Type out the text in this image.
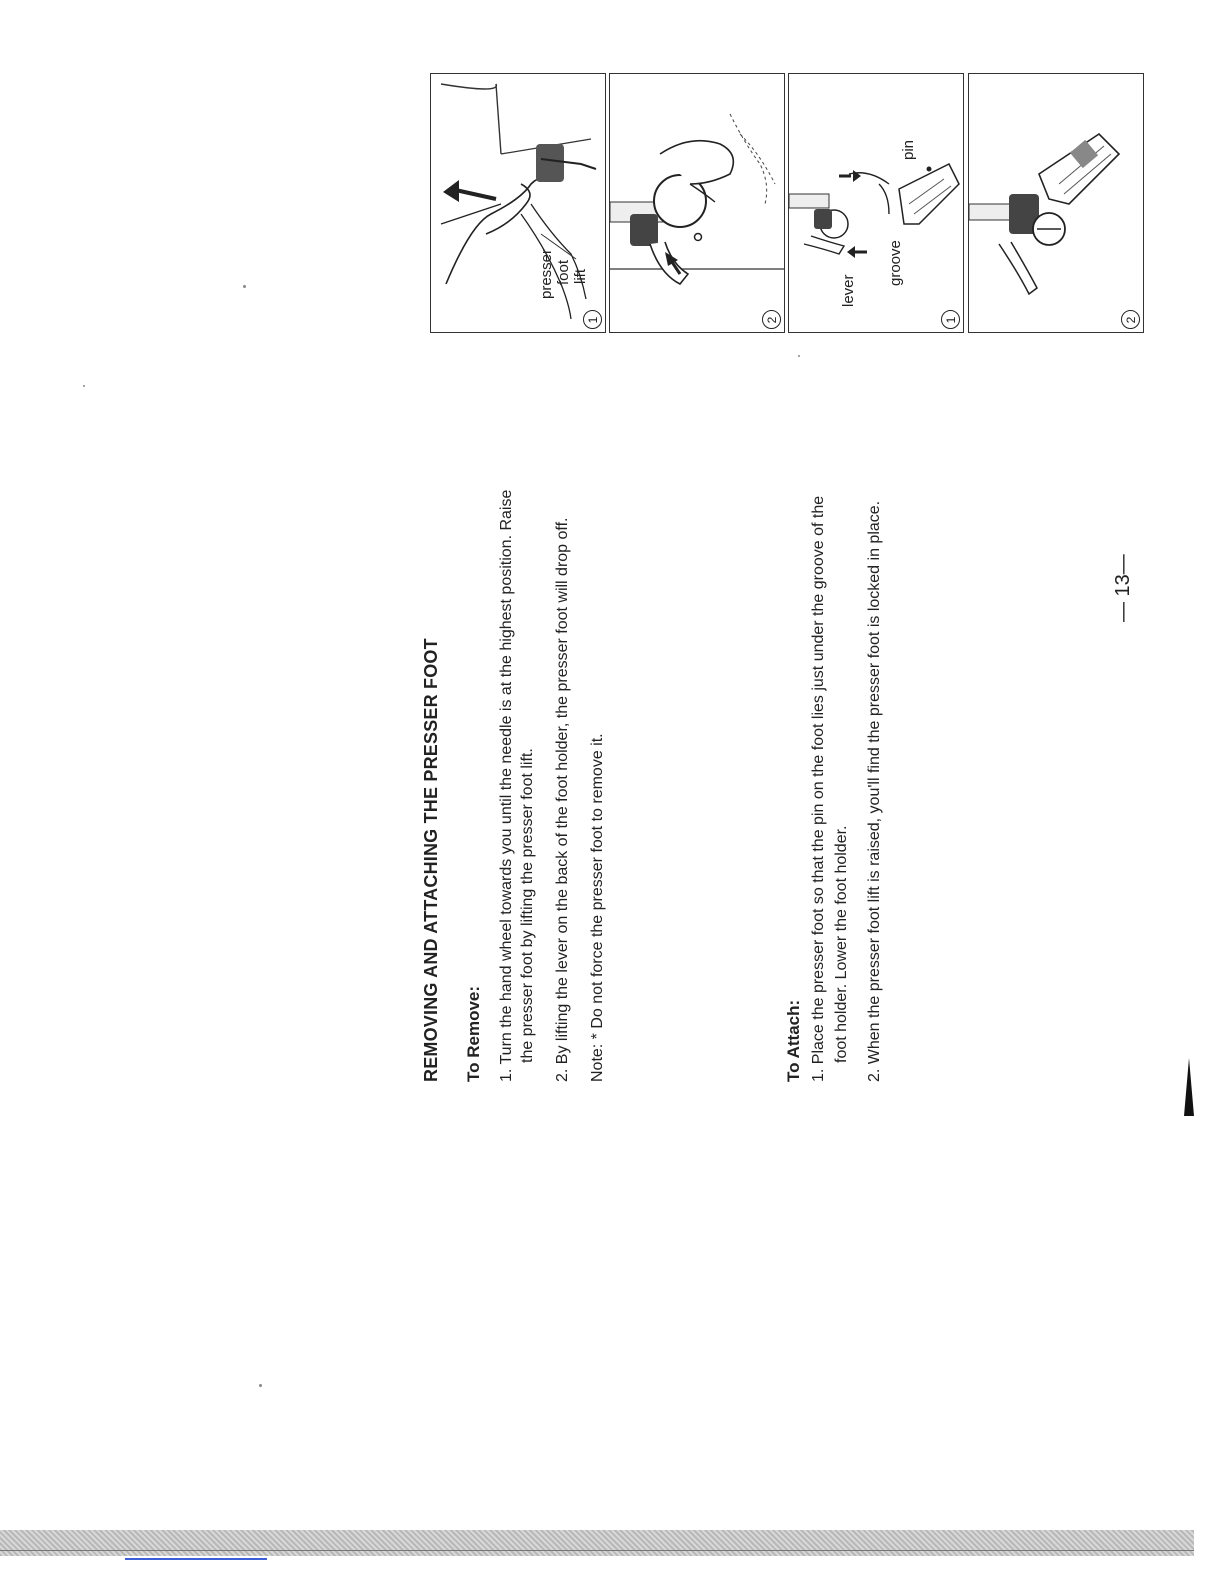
REMOVING AND ATTACHING THE PRESSER FOOT To Remove: 1. Turn the hand wheel towards you until the needle is at the highest position. Raise the presser foot by lifting the presser foot lift. 2. By lifting the lever on the back of the foot holder, the presser foot will drop off. Note: * Do not force the presser foot to remove it.	To Attach: 1. Place the presser foot so that the pin on the foot lies just under the groove of the foot holder. Lower the foot holder. 2. When the presser foot lift is raised, you'll find the presser foot is locked in place.	— 13—
presser foot lift
1	2
lever
groove
pin
1	2
